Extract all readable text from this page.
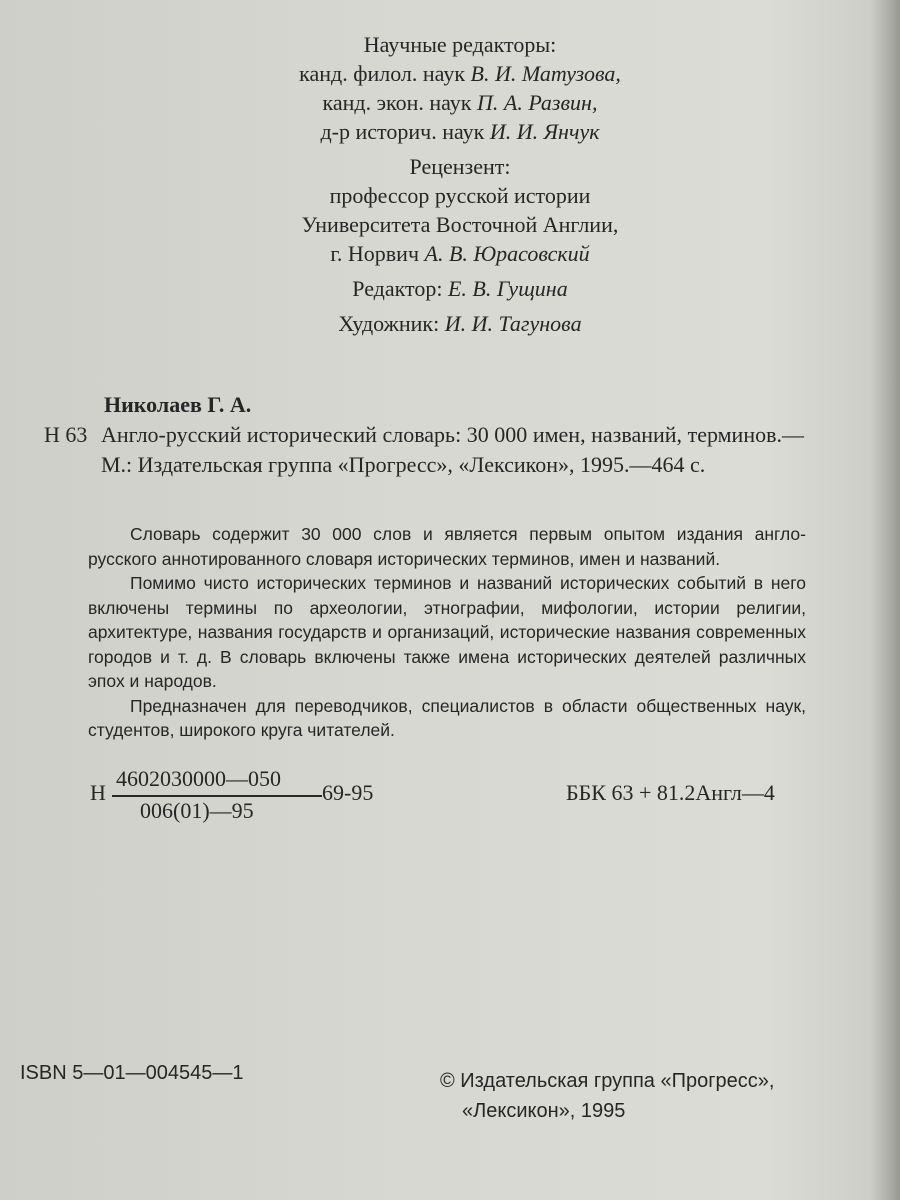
Научные редакторы:
канд. филол. наук В. И. Матузова,
канд. экон. наук П. А. Развин,
д-р историч. наук И. И. Янчук
Рецензент:
профессор русской истории
Университета Восточной Англии,
г. Норвич А. В. Юрасовский
Редактор: Е. В. Гущина
Художник: И. И. Тагунова
Николаев Г. А.
Н 63 Англо-русский исторический словарь: 30 000 имен, названий, терминов.—М.: Издательская группа «Прогресс», «Лексикон», 1995.—464 с.

Словарь содержит 30 000 слов и является первым опытом издания англо-русского аннотированного словаря исторических терминов, имен и названий.

Помимо чисто исторических терминов и названий исторических событий в него включены термины по археологии, этнографии, мифологии, истории религии, архитектуре, названия государств и организаций, исторические названия современных городов и т. д. В словарь включены также имена исторических деятелей различных эпох и народов.

Предназначен для переводчиков, специалистов в области общественных наук, студентов, широкого круга читателей.

Н
4602030000—050
006(01)—95
69-95	ББК 63 + 81.2Англ—4
ISBN 5—01—004545—1	© Издательская группа «Прогресс»,
«Лексикон», 1995
